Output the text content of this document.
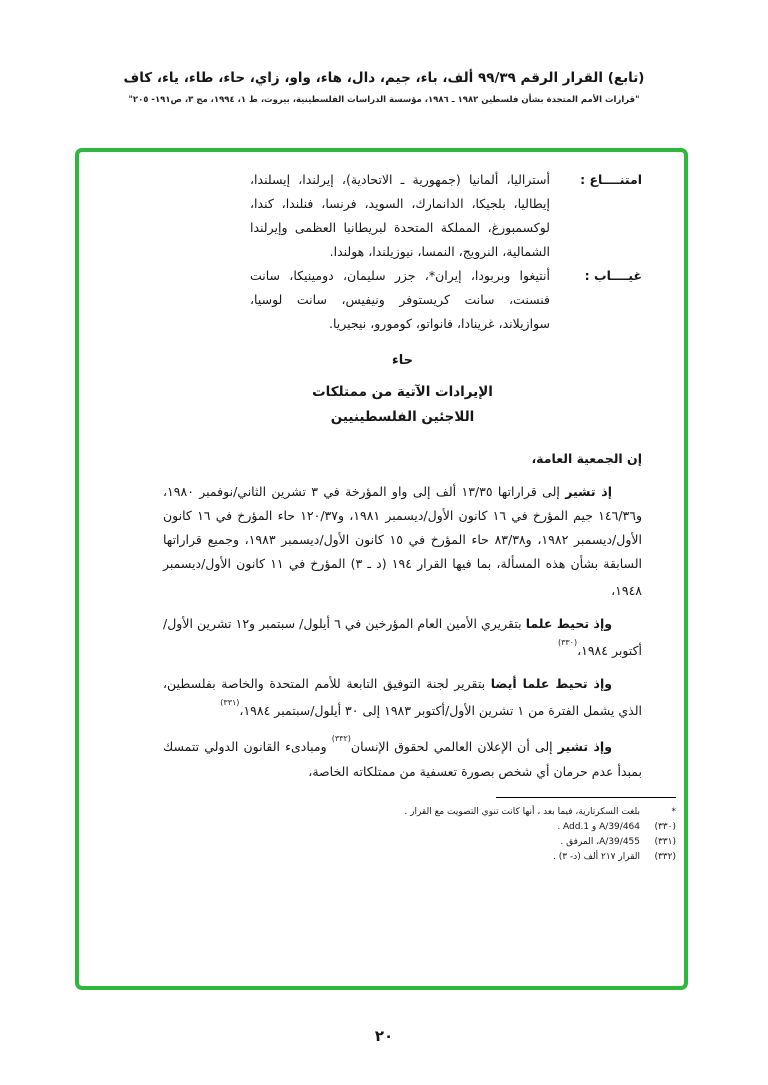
(تابع) القرار الرقم ٩٩/٣٩ ألف، باء، جيم، دال، هاء، واو، زاي، حاء، طاء، ياء، كاف
"قرارات الأمم المتحدة بشأن فلسطين ١٩٨٢ ـ ١٩٨٦، مؤسسة الدراسات الفلسطينية، بيروت، ط ١، ١٩٩٤، مج ٣، ص١٩١- ٢٠٥"
امتنــــاع :
أستراليا، ألمانيا (جمهورية ـ الاتحادية)، إيرلندا، إيسلندا، إيطاليا، بلجيكا، الدانمارك، السويد، فرنسا، فنلندا، كندا، لوكسمبورغ، المملكة المتحدة لبريطانيا العظمى وإيرلندا الشمالية، النرويج، النمسا، نيوزيلندا، هولندا.
غيــــاب :
أنتيغوا وبربودا، إيران*، جزر سليمان، دومينيكا، سانت فنسنت، سانت كريستوفر ونيفيس، سانت لوسيا، سوازيلاند، غرينادا، فانواتو، كومورو، نيجيريا.
حاء
الإيرادات الآتية من ممتلكات
اللاجئين الفلسطينيين
إن الجمعية العامة،

إذ تشير إلى قراراتها ١٣/٣٥ ألف إلى واو المؤرخة في ٣ تشرين الثاني/نوفمبر ١٩٨٠، و١٤٦/٣٦ جيم المؤرخ في ١٦ كانون الأول/ديسمبر ١٩٨١، و١٢٠/٣٧ حاء المؤرخ في ١٦ كانون الأول/ديسمبر ١٩٨٢، و٨٣/٣٨ حاء المؤرخ في ١٥ كانون الأول/ديسمبر ١٩٨٣، وجميع قراراتها السابقة بشأن هذه المسألة، بما فيها القرار ١٩٤ (د ـ ٣) المؤرخ في ١١ كانون الأول/ديسمبر ١٩٤٨،

وإذ تحيط علما بتقريري الأمين العام المؤرخين في ٦ أيلول/ سبتمبر و١٢ تشرين الأول/أكتوبر ١٩٨٤،$^{(٣٣٠)}$

وإذ تحيط علما أيضا بتقرير لجنة التوفيق التابعة للأمم المتحدة والخاصة بفلسطين، الذي يشمل الفترة من ١ تشرين الأول/أكتوبر ١٩٨٣ إلى ٣٠ أيلول/سبتمبر ١٩٨٤،$^{(٣٣١)}$

وإذ تشير إلى أن الإعلان العالمي لحقوق الإنسان$^{(٣٣٢)}$ ومبادىء القانون الدولي تتمسك بمبدأ عدم حرمان أي شخص بصورة تعسفية من ممتلكاته الخاصة،

*
بلغت السكرتارية، فيما بعد ، أنها كانت تنوي التصويت مع القرار .
(٣٣٠)
A/39/464 و Add.1 .
(٣٣١)
A/39/455، المرفق .
(٣٣٢)
القرار ٢١٧ ألف (د- ٣) .
٢٠
